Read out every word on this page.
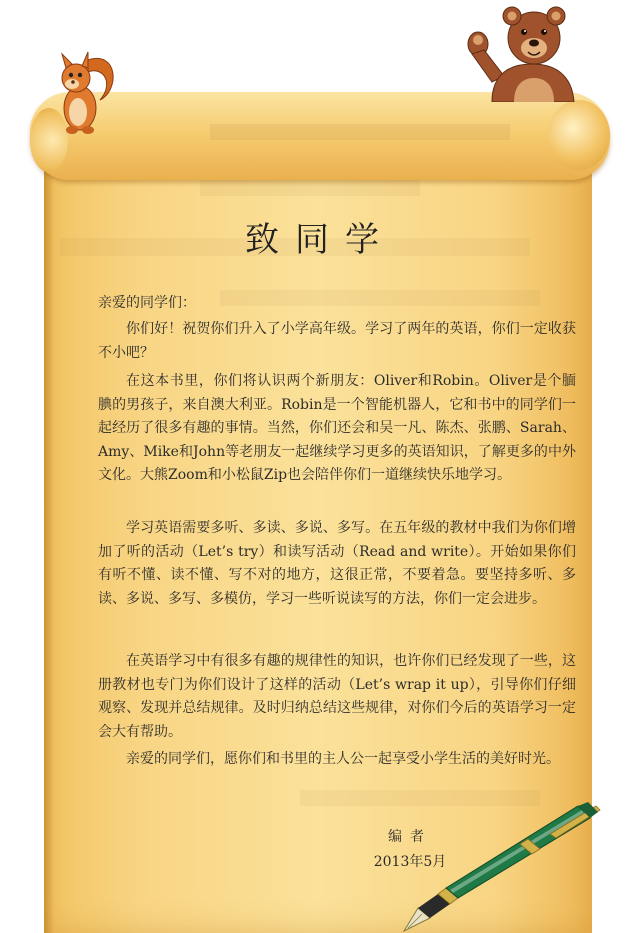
致同学
亲爱的同学们：

你们好！祝贺你们升入了小学高年级。学习了两年的英语，你们一定收获不小吧？

在这本书里，你们将认识两个新朋友：Oliver和Robin。Oliver是个腼腆的男孩子，来自澳大利亚。Robin是一个智能机器人，它和书中的同学们一起经历了很多有趣的事情。当然，你们还会和吴一凡、陈杰、张鹏、Sarah、Amy、Mike和John等老朋友一起继续学习更多的英语知识，了解更多的中外文化。大熊Zoom和小松鼠Zip也会陪伴你们一道继续快乐地学习。

学习英语需要多听、多读、多说、多写。在五年级的教材中我们为你们增加了听的活动（Let’s try）和读写活动（Read and write）。开始如果你们有听不懂、读不懂、写不对的地方，这很正常，不要着急。要坚持多听、多读、多说、多写、多模仿，学习一些听说读写的方法，你们一定会进步。

在英语学习中有很多有趣的规律性的知识，也许你们已经发现了一些，这册教材也专门为你们设计了这样的活动（Let’s wrap it up），引导你们仔细观察、发现并总结规律。及时归纳总结这些规律，对你们今后的英语学习一定会大有帮助。

亲爱的同学们，愿你们和书里的主人公一起享受小学生活的美好时光。

编者
2013年5月
